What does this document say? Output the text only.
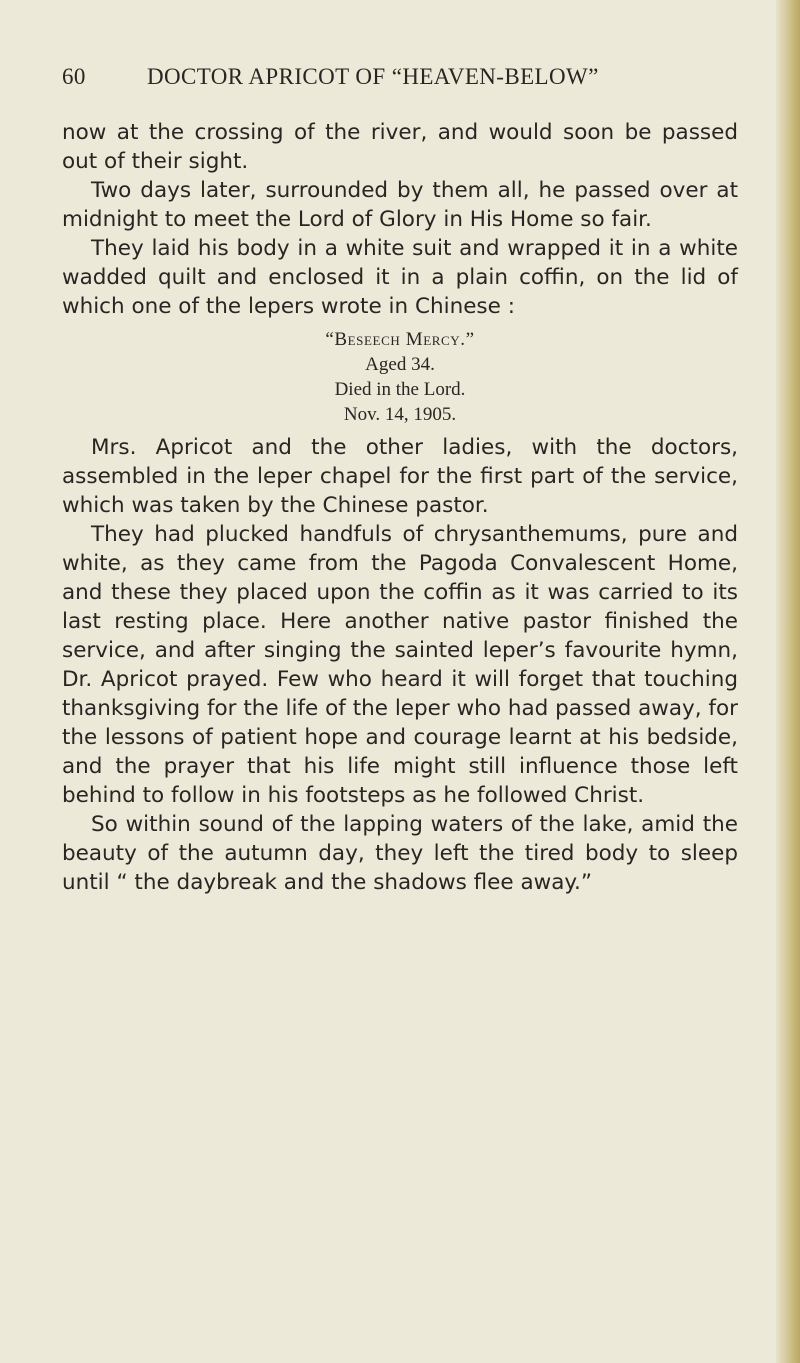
60	DOCTOR APRICOT OF “HEAVEN-BELOW”

now at the crossing of the river, and would soon be passed out of their sight.

Two days later, surrounded by them all, he passed over at midnight to meet the Lord of Glory in His Home so fair.

They laid his body in a white suit and wrapped it in a white wadded quilt and enclosed it in a plain coffin, on the lid of which one of the lepers wrote in Chinese :

“Beseech Mercy.”
Aged 34.
Died in the Lord.
Nov. 14, 1905.

Mrs. Apricot and the other ladies, with the doctors, assembled in the leper chapel for the first part of the service, which was taken by the Chinese pastor.

They had plucked handfuls of chrysanthemums, pure and white, as they came from the Pagoda Convalescent Home, and these they placed upon the coffin as it was carried to its last resting place. Here another native pastor finished the service, and after singing the sainted leper’s favourite hymn, Dr. Apricot prayed. Few who heard it will forget that touching thanksgiving for the life of the leper who had passed away, for the lessons of patient hope and courage learnt at his bedside, and the prayer that his life might still influence those left behind to follow in his footsteps as he followed Christ.

So within sound of the lapping waters of the lake, amid the beauty of the autumn day, they left the tired body to sleep until “ the daybreak and the shadows flee away.”
